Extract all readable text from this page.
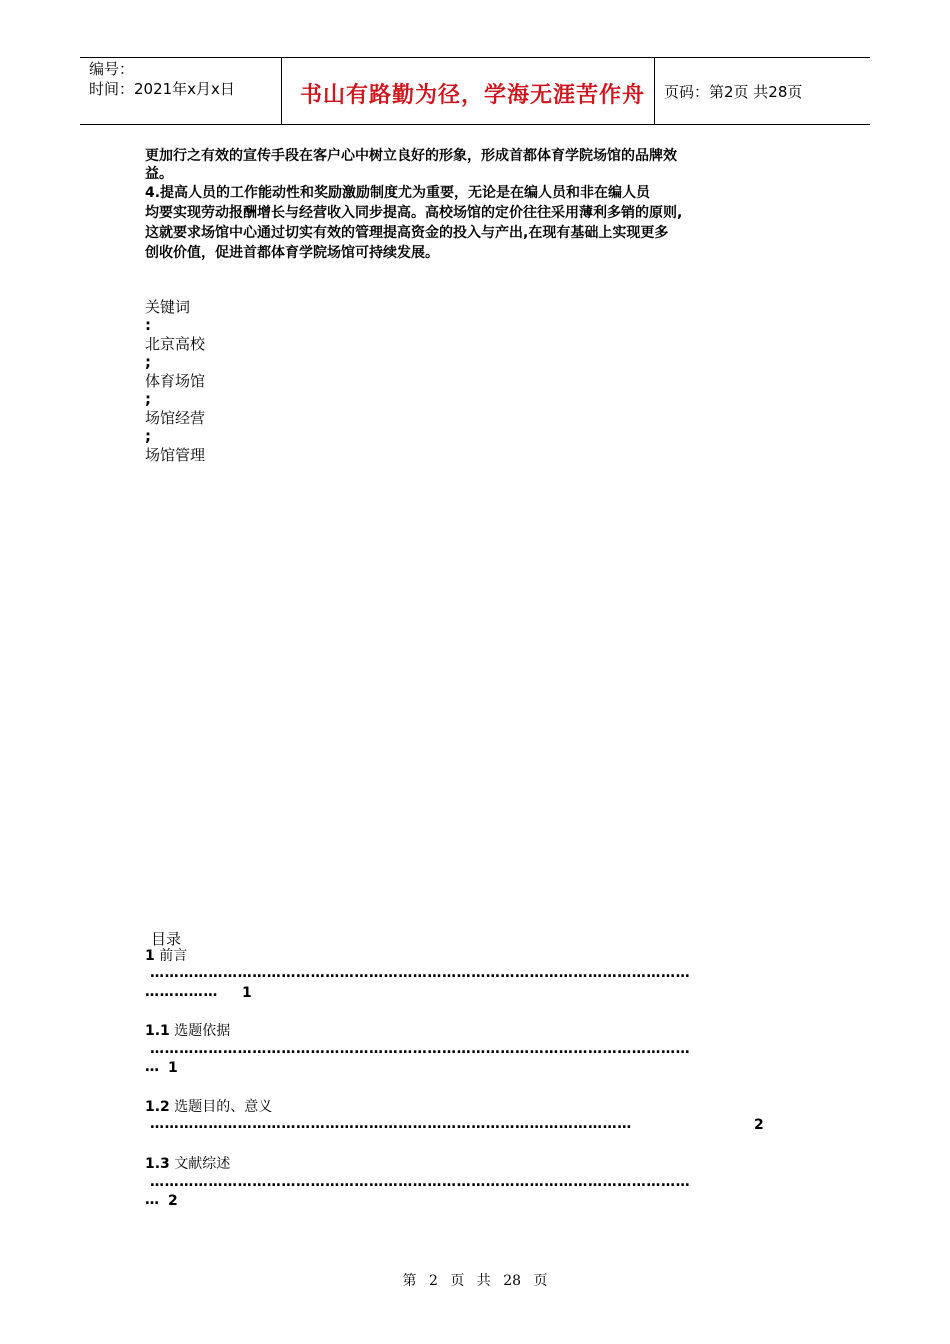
编号：
时间：2021年x月x日	书山有路勤为径，学海无涯苦作舟 页码：第2页 共28页
更加行之有效的宣传手段在客户心中树立良好的形象，形成首都体育学院场馆的品牌效
益。
4.提高人员的工作能动性和奖励激励制度尤为重要，无论是在编人员和非在编人员
均要实现劳动报酬增长与经营收入同步提高。高校场馆的定价往往采用薄利多销的原则,
这就要求场馆中心通过切实有效的管理提高资金的投入与产出,在现有基础上实现更多
创收价值，促进首都体育学院场馆可持续发展。
关键词
:
北京高校
;
体育场馆
;
场馆经营
;
场馆管理
目录
1 前言
…………………………………………………………………………………………………
……………	1
1.1 选题依据
…………………………………………………………………………………………………
… 1
1.2 选题目的、意义
………………………………………………………………………………………	2
1.3 文献综述
…………………………………………………………………………………………………
… 2
第 2 页 共 28 页
